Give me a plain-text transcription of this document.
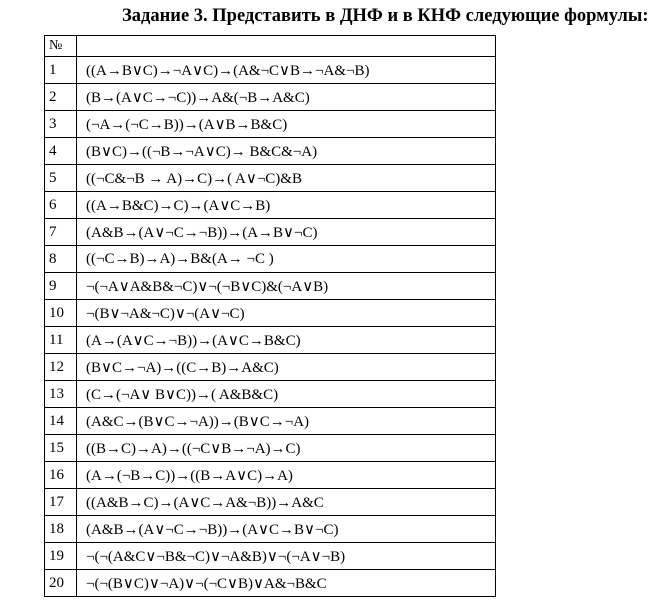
Задание 3. Представить в ДНФ и в КНФ следующие формулы:
№	
1	((A→B∨C)→¬A∨C)→(A&¬C∨B→¬A&¬B)
2	(B→(A∨C→¬C))→A&(¬B→A&C)
3	(¬A→(¬C→B))→(A∨B→B&C)
4	(B∨C)→((¬B→¬A∨C)→ B&C&¬A)
5	((¬C&¬B → A)→C)→( A∨¬C)&B
6	((A→B&C)→C)→(A∨C→B)
7	(A&B→(A∨¬C→¬B))→(A→B∨¬C)
8	((¬C→B)→A)→B&(A→ ¬C )
9	¬(¬A∨A&B&¬C)∨¬(¬B∨C)&(¬A∨B)
10	¬(B∨¬A&¬C)∨¬(A∨¬C)
11	(A→(A∨C→¬B))→(A∨C→B&C)
12	(B∨C→¬A)→((C→B)→A&C)
13	(C→(¬A∨ B∨C))→( A&B&C)
14	(A&C→(B∨C→¬A))→(B∨C→¬A)
15	((B→C)→A)→((¬C∨B→¬A)→C)
16	(A→(¬B→C))→((B→A∨C)→A)
17	((A&B→C)→(A∨C→A&¬B))→A&C
18	(A&B→(A∨¬C→¬B))→(A∨C→B∨¬C)
19	¬(¬(A&C∨¬B&¬C)∨¬A&B)∨¬(¬A∨¬B)
20	¬(¬(B∨C)∨¬A)∨¬(¬C∨B)∨A&¬B&C
